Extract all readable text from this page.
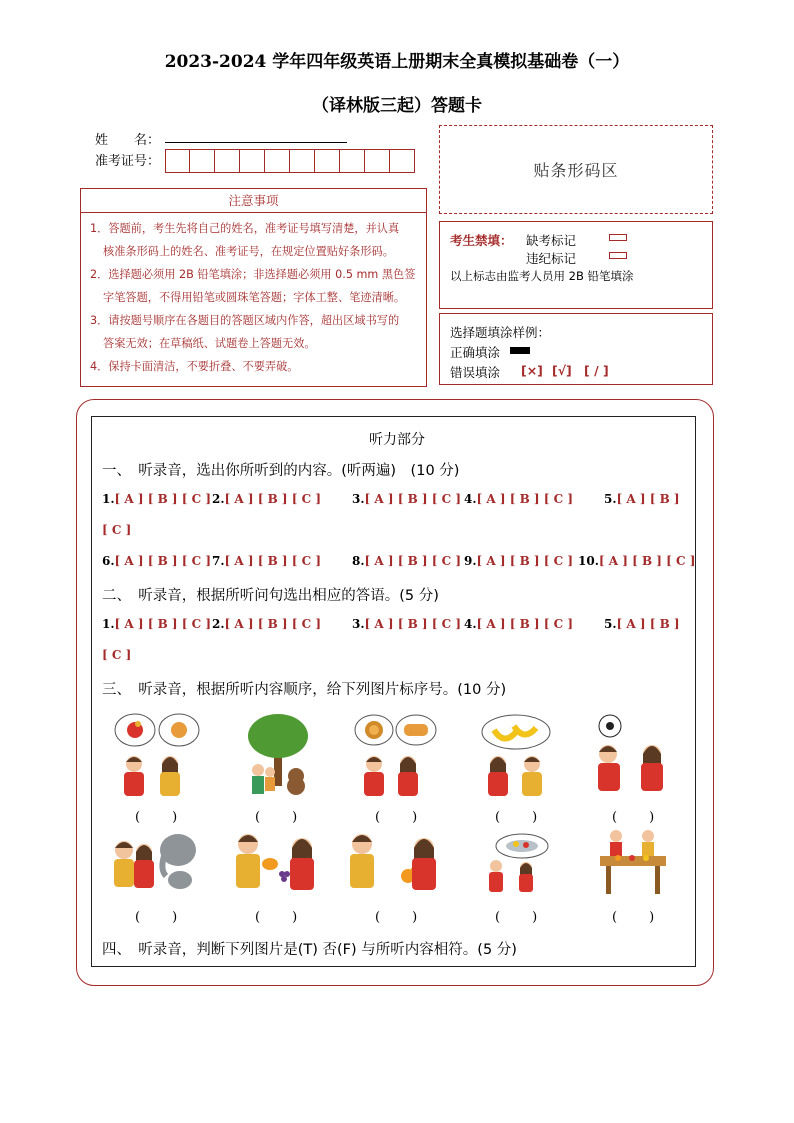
2023-2024 学年四年级英语上册期末全真模拟基础卷（一）
（译林版三起）答题卡
姓　　名：
准考证号：	贴条形码区
注意事项
1．答题前，考生先将自己的姓名，准考证号填写清楚，并认真
核准条形码上的姓名、准考证号，在规定位置贴好条形码。
2．选择题必须用 2B 铅笔填涂；非选择题必须用 0.5 mm 黑色签
字笔答题，不得用铅笔或圆珠笔答题；字体工整、笔迹清晰。
3．请按题号顺序在各题目的答题区域内作答，超出区域书写的
答案无效；在草稿纸、试题卷上答题无效。
4．保持卡面清洁，不要折叠、不要弄破。
考生禁填： 缺考标记
违纪标记
以上标志由监考人员用 2B 铅笔填涂
选择题填涂样例：
正确填涂
错误填涂 [×] [√] [ / ]
听力部分
一、　听录音，选出你所听到的内容。(听两遍)　(10 分)
1.[ A ] [ B ] [ C ] 2.[ A ] [ B ] [ C ]	3.[ A ] [ B ] [ C ] 4.[ A ] [ B ] [ C ]	5.[ A ] [ B ]
[ C ]
6.[ A ] [ B ] [ C ] 7.[ A ] [ B ] [ C ]	8.[ A ] [ B ] [ C ] 9.[ A ] [ B ] [ C ] 10.[ A ] [ B ] [ C ]
二、　听录音，根据所听问句选出相应的答语。(5 分)
1.[ A ] [ B ] [ C ] 2.[ A ] [ B ] [ C ]	3.[ A ] [ B ] [ C ] 4.[ A ] [ B ] [ C ]	5.[ A ] [ B ]
[ C ]
三、　听录音，根据所听内容顺序，给下列图片标序号。(10 分)
(　　)	(　　)	(　　)	(　　)	(　　)
(　　)	(　　)	(　　)	(　　)	(　　)
四、　听录音，判断下列图片是(T) 否(F) 与所听内容相符。(5 分)
